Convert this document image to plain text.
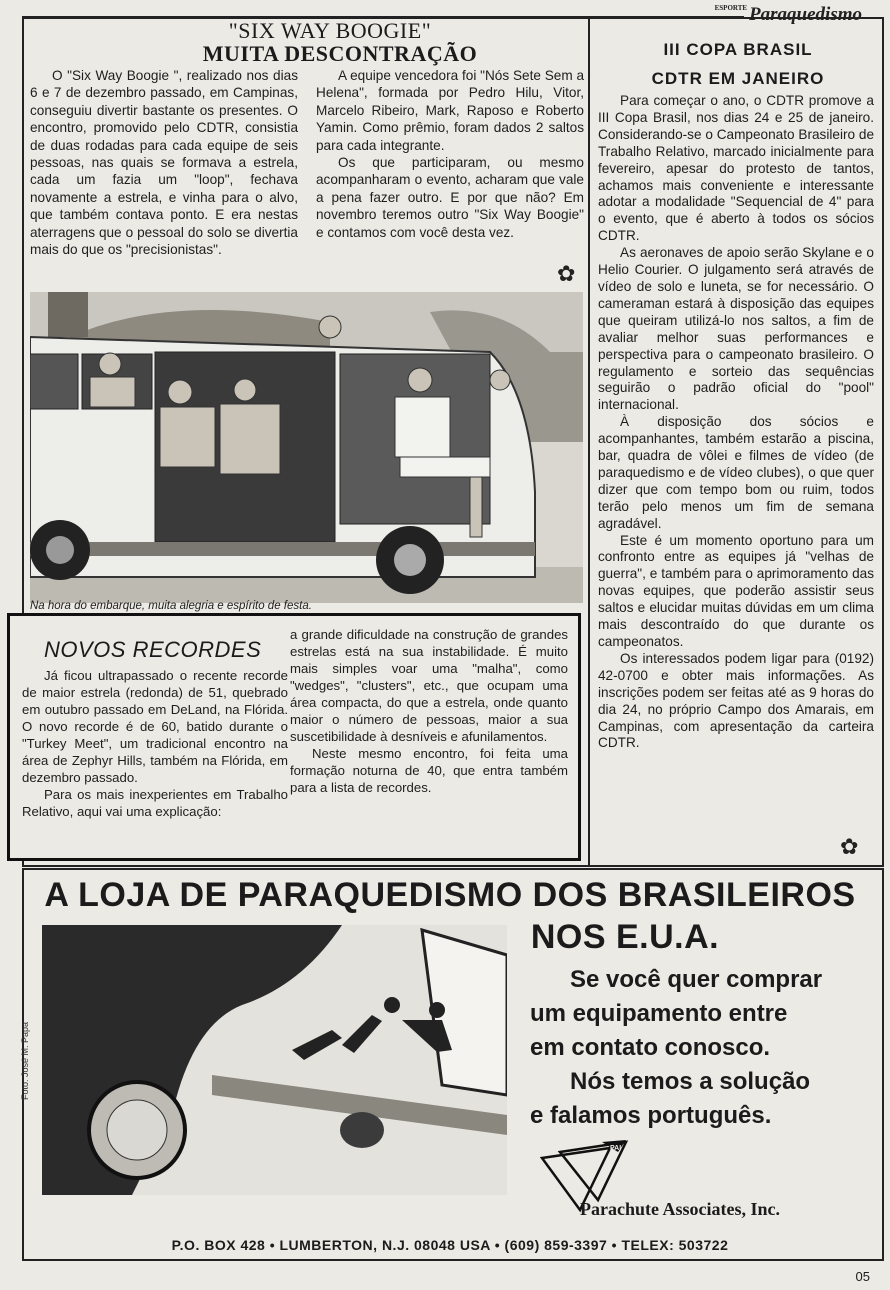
$^{ESPORTE}$ Paraquedismo
"SIX WAY BOOGIE"
MUITA DESCONTRAÇÃO

O "Six Way Boogie ", realizado nos dias 6 e 7 de dezembro passado, em Campinas, conseguiu divertir bastante os presentes. O encontro, promovido pelo CDTR, consistia de duas rodadas para cada equipe de seis pessoas, nas quais se formava a estrela, cada um fazia um "loop", fechava novamente a estrela, e vinha para o alvo, que também contava ponto. E era nestas aterragens que o pessoal do solo se divertia mais do que os "precisionistas".

A equipe vencedora foi "Nós Sete Sem a Helena", formada por Pedro Hilu, Vitor, Marcelo Ribeiro, Mark, Raposo e Roberto Yamin. Como prêmio, foram dados 2 saltos para cada integrante.

Os que participaram, ou mesmo acompanharam o evento, acharam que vale a pena fazer outro. E por que não? Em novembro teremos outro "Six Way Boogie" e contamos com você desta vez.

✿
Na hora do embarque, muita alegria e espírito de festa.
NOVOS RECORDES

Já ficou ultrapassado o recente recorde de maior estrela (redonda) de 51, quebrado em outubro passado em DeLand, na Flórida. O novo recorde é de 60, batido durante o "Turkey Meet", um tradicional encontro na área de Zephyr Hills, também na Flórida, em dezembro passado.

Para os mais inexperientes em Trabalho Relativo, aqui vai uma explicação:

a grande dificuldade na construção de grandes estrelas está na sua instabilidade. É muito mais simples voar uma "malha", como "wedges", "clusters", etc., que ocupam uma área compacta, do que a estrela, onde quanto maior o número de pessoas, maior a sua suscetibilidade à desníveis e afunilamentos.

Neste mesmo encontro, foi feita uma formação noturna de 40, que entra também para a lista de recordes.

III COPA BRASIL
CDTR EM JANEIRO

Para começar o ano, o CDTR promove a III Copa Brasil, nos dias 24 e 25 de janeiro. Considerando-se o Campeonato Brasileiro de Trabalho Relativo, marcado inicialmente para fevereiro, apesar do protesto de tantos, achamos mais conveniente e interessante adotar a modalidade "Sequencial de 4" para o evento, que é aberto à todos os sócios CDTR.

As aeronaves de apoio serão Skylane e o Helio Courier. O julgamento será através de vídeo de solo e luneta, se for necessário. O cameraman estará à disposição das equipes que queiram utilizá-lo nos saltos, a fim de avaliar melhor suas performances e perspectiva para o campeonato brasileiro. O regulamento e sorteio das sequências seguirão o padrão oficial do "pool" internacional.

À disposição dos sócios e acompanhantes, também estarão a piscina, bar, quadra de vôlei e filmes de vídeo (de paraquedismo e de vídeo clubes), o que quer dizer que com tempo bom ou ruim, todos terão pelo menos um fim de semana agradável.

Este é um momento oportuno para um confronto entre as equipes já "velhas de guerra", e também para o aprimoramento das novas equipes, que poderão assistir seus saltos e elucidar muitas dúvidas em um clima mais descontraído do que durante os campeonatos.

Os interessados podem ligar para (0192) 42-0700 e obter mais informações. As inscrições podem ser feitas até as 9 horas do dia 24, no próprio Campo dos Amarais, em Campinas, com apresentação da carteira CDTR.

✿
A LOJA DE PARAQUEDISMO DOS BRASILEIROS
NOS E.U.A.
Foto: José M. Papa
Se você quer comprar
um equipamento entre
em contato conosco.
Nós temos a solução
e falamos português.
PAI
Parachute Associates, Inc.
P.O. BOX 428 • LUMBERTON, N.J. 08048 USA • (609) 859-3397 • TELEX: 503722
05
